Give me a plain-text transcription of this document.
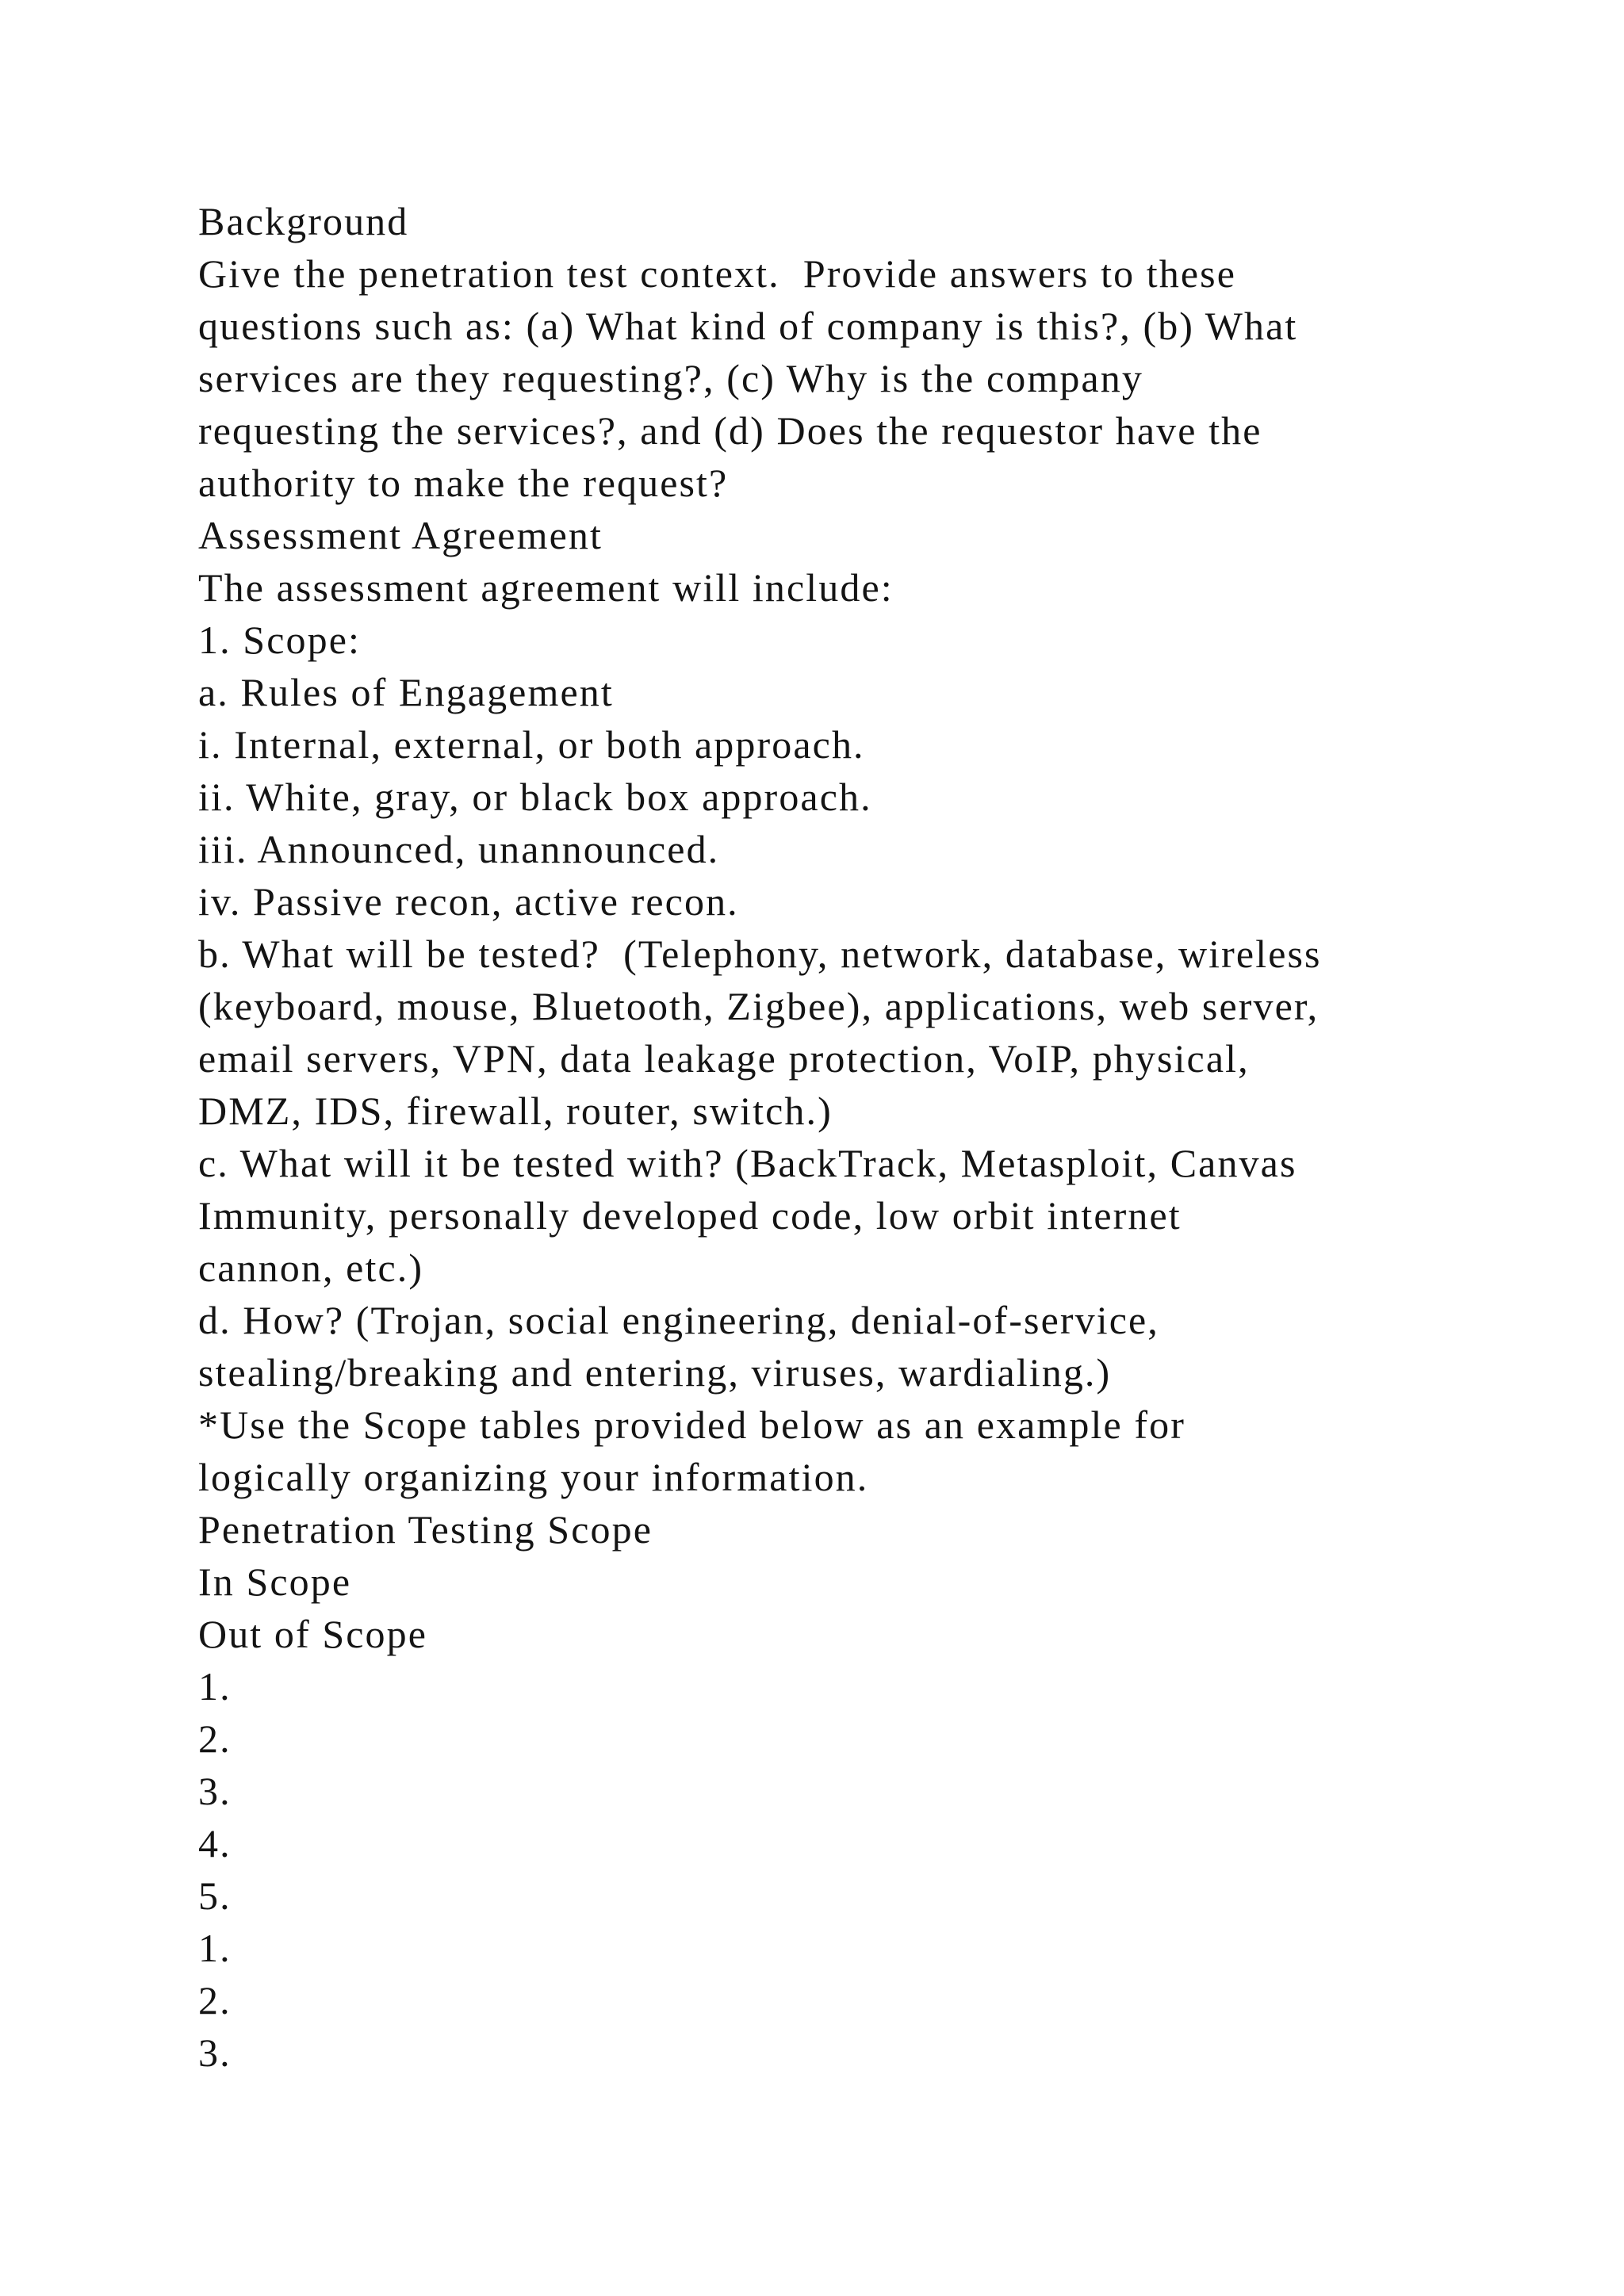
Background
Give the penetration test context.  Provide answers to these
questions such as: (a) What kind of company is this?, (b) What
services are they requesting?, (c) Why is the company
requesting the services?, and (d) Does the requestor have the
authority to make the request?
Assessment Agreement
The assessment agreement will include:
1. Scope:
a. Rules of Engagement
i. Internal, external, or both approach.
ii. White, gray, or black box approach.
iii. Announced, unannounced.
iv. Passive recon, active recon.
b. What will be tested?  (Telephony, network, database, wireless
(keyboard, mouse, Bluetooth, Zigbee), applications, web server,
email servers, VPN, data leakage protection, VoIP, physical,
DMZ, IDS, firewall, router, switch.)
c. What will it be tested with? (BackTrack, Metasploit, Canvas
Immunity, personally developed code, low orbit internet
cannon, etc.)
d. How? (Trojan, social engineering, denial-of-service,
stealing/breaking and entering, viruses, wardialing.)
*Use the Scope tables provided below as an example for
logically organizing your information.
Penetration Testing Scope
In Scope
Out of Scope
1.
2.
3.
4.
5.
1.
2.
3.
